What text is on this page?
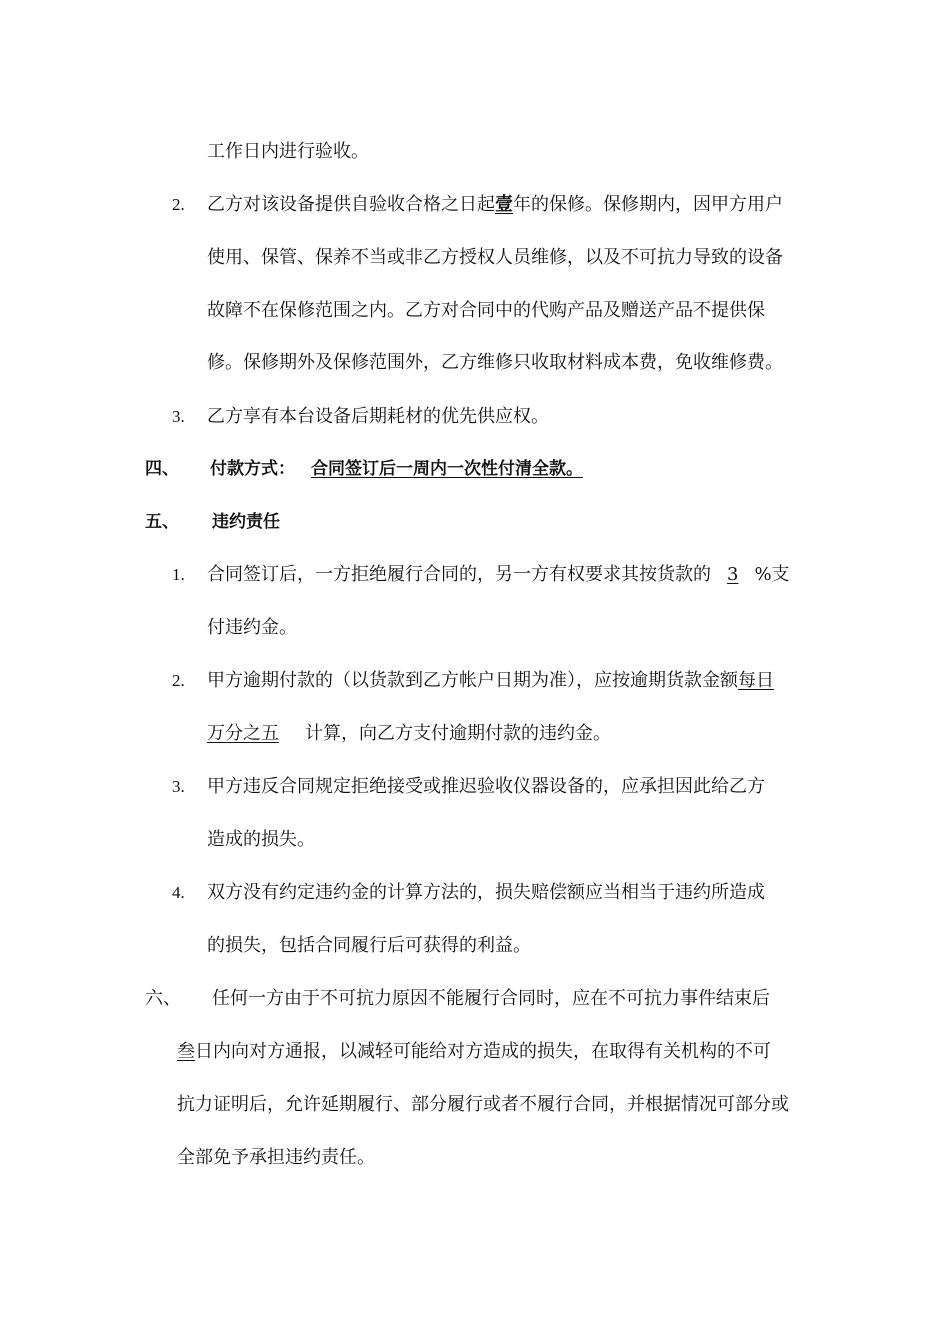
工作日内进行验收。
2. 乙方对该设备提供自验收合格之日起壹年的保修。保修期内，因甲方用户
使用、保管、保养不当或非乙方授权人员维修，以及不可抗力导致的设备
故障不在保修范围之内。乙方对合同中的代购产品及赠送产品不提供保
修。保修期外及保修范围外，乙方维修只收取材料成本费，免收维修费。
3. 乙方享有本台设备后期耗材的优先供应权。
四、 付款方式： 合同签订后一周内一次性付清全款。
五、 违约责任
1. 合同签订后，一方拒绝履行合同的，另一方有权要求其按货款的 3 %支
付违约金。
2. 甲方逾期付款的（以货款到乙方帐户日期为准），应按逾期货款金额每日
万分之五 计算，向乙方支付逾期付款的违约金。
3. 甲方违反合同规定拒绝接受或推迟验收仪器设备的，应承担因此给乙方
造成的损失。
4. 双方没有约定违约金的计算方法的，损失赔偿额应当相当于违约所造成
的损失，包括合同履行后可获得的利益。
六、 任何一方由于不可抗力原因不能履行合同时，应在不可抗力事件结束后
叁日内向对方通报，以减轻可能给对方造成的损失，在取得有关机构的不可
抗力证明后，允许延期履行、部分履行或者不履行合同，并根据情况可部分或
全部免予承担违约责任。
